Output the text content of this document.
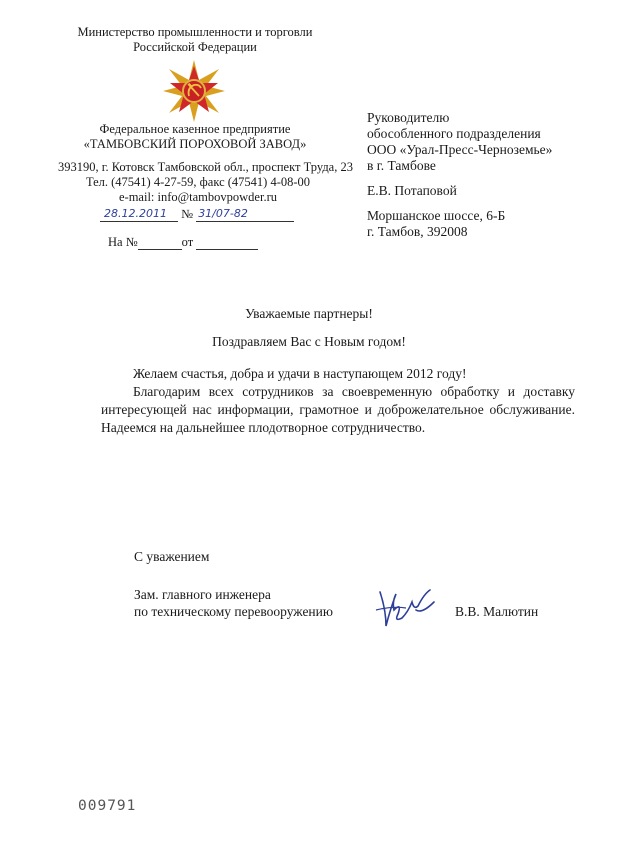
Министерство промышленности и торговли
Российской Федерации
Федеральное казенное предприятие
«ТАМБОВСКИЙ ПОРОХОВОЙ ЗАВОД»
393190, г. Котовск Тамбовской обл., проспект Труда, 23
Тел. (47541) 4-27-59, факс (47541) 4-08-00
e-mail: info@tambovpowder.ru
28.12.2011 № 31/07-82
На №	от
Руководителю
обособленного подразделения
ООО «Урал-Пресс-Черноземье»
в г. Тамбове
Е.В. Потаповой
Моршанское шоссе, 6-Б
г. Тамбов, 392008
Уважаемые партнеры!
Поздравляем Вас с Новым годом!
Желаем счастья, добра и удачи в наступающем 2012 году!
Благодарим всех сотрудников за своевременную обработку и доставку интересующей нас информации, грамотное и доброжелательное обслуживание. Надеемся на дальнейшее плодотворное сотрудничество.
С уважением
Зам. главного инженера
по техническому перевооружению	В.В. Малютин
009791
